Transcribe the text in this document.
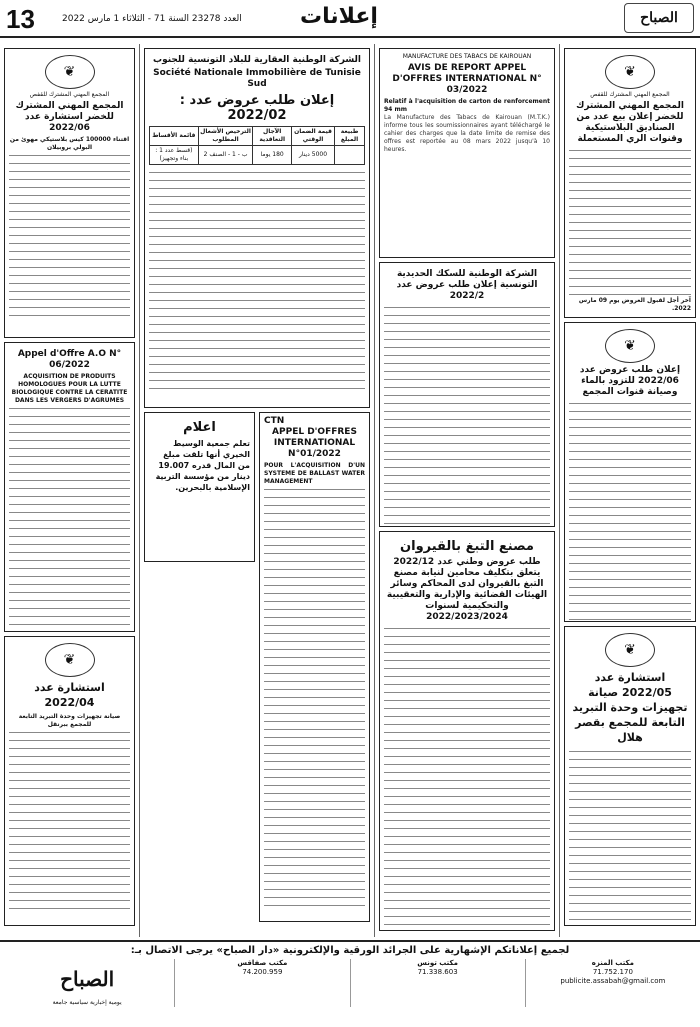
13	العدد 23278 السنة 71 - الثلاثاء 1 مارس 2022	إعلانات	الصباح
❦
المجمع المهني المشترك للقفص
المجمع المهني المشترك للخضر إعلان بيع عدد من الصناديق البلاستيكية وقنوات الري المستعملة
آخر أجل لقبول العروض يوم 09 مارس 2022.
❦
إعلان طلب عروض عدد 2022/06 للتزود بالماء وصيانة قنوات المجمع
❦
استشارة عدد 2022/05 صيانة تجهيزات وحدة التبريد التابعة للمجمع بقصر هلال
MANUFACTURE DES TABACS DE KAIROUAN
AVIS DE REPORT APPEL D'OFFRES INTERNATIONAL N° 03/2022
Relatif à l'acquisition de carton de renforcement 94 mm
La Manufacture des Tabacs de Kairouan (M.T.K.) informe tous les soumissionnaires ayant téléchargé le cahier des charges que la date limite de remise des offres est reportée au 08 mars 2022 jusqu'à 10 heures.
الشركة الوطنية للسكك الحديدية التونسية إعلان طلب عروض عدد 2022/2
مصنع التبغ بالقيروان
طلب عروض وطني عدد 2022/12 يتعلق بتكليف محامين لنيابة مصنع التبغ بالقيروان لدى المحاكم وسائر الهيئات القضائية والإدارية والتعقيبية والتحكيمية لسنوات 2022/2023/2024
الشركة الوطنية العقارية للبلاد التونسية للجنوب
Société Nationale Immobilière de Tunisie Sud
إعلان طلب عروض عدد : 2022/02
طبيعة المبلغ	قيمة الضمان الوقتي	الآجال التعاقدية	الترخيص الأشغال المطلوب	قائمة الأقساط
	5000 دينار	180 يوما	ب - 1 - الصنف 2	(قسط عدد 1 : بناء وتجهيز)
CTN
APPEL D'OFFRES INTERNATIONAL N°01/2022
POUR L'ACQUISITION D'UN SYSTEME DE BALLAST WATER MANAGEMENT
اعلام
تعلم جمعية الوسيط الخيري أنها تلقت مبلغ من المال قدره 19.007 دينار من مؤسسة التربية الإسلامية بالبحرين.
❦
المجمع المهني المشترك للقفص
المجمع المهني المشترك للخضر استشارة عدد 2022/06
اقتناء 100000 كيس بلاستيكي مهوئ من البولي بروبيلان
Appel d'Offre A.O N° 06/2022
ACQUISITION DE PRODUITS HOMOLOGUES POUR LA LUTTE BIOLOGIQUE CONTRE LA CERATITE DANS LES VERGERS D'AGRUMES
❦
استشارة عدد 2022/04
صيانة تجهيزات وحدة التبريد التابعة للمجمع ببرنقل
لجميع إعلاناتكم الإشهارية على الجرائد الورقية والإلكترونية «دار الصباح» يرجى الاتصال بـ:
مكتب المنزه
71.752.170
publicite.assabah@gmail.com
مكتب تونس
71.338.603
مكتب صفاقس
74.200.959
الصباح
يومية إخبارية سياسية جامعة
